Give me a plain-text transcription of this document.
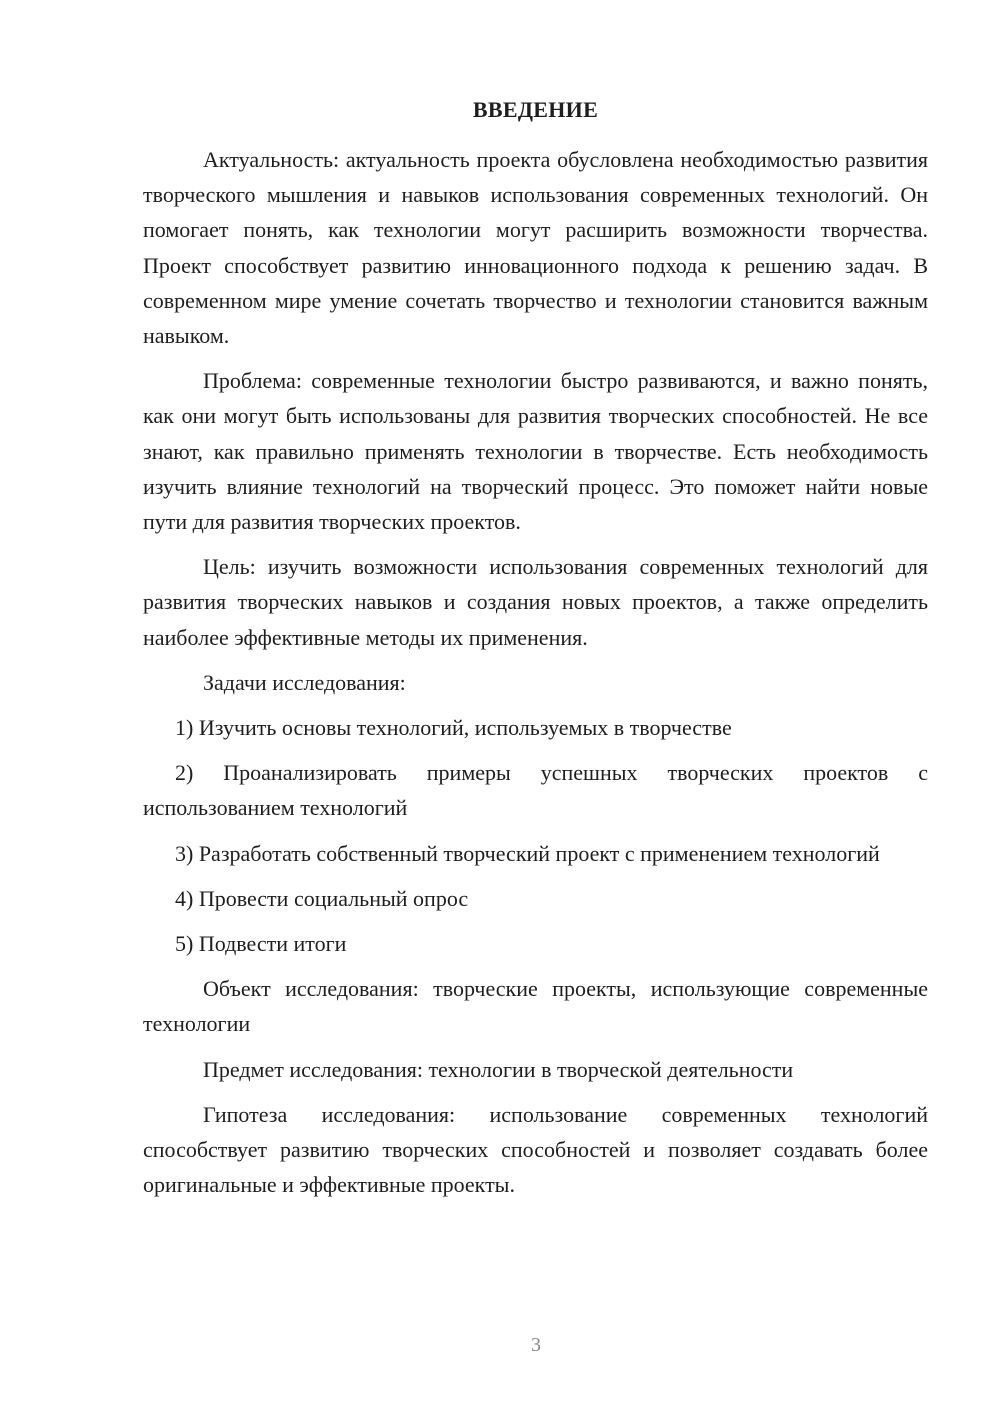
ВВЕДЕНИЕ

Актуальность: актуальность проекта обусловлена необходимостью развития творческого мышления и навыков использования современных технологий. Он помогает понять, как технологии могут расширить возможности творчества. Проект способствует развитию инновационного подхода к решению задач. В современном мире умение сочетать творчество и технологии становится важным навыком.

Проблема: современные технологии быстро развиваются, и важно понять, как они могут быть использованы для развития творческих способностей. Не все знают, как правильно применять технологии в творчестве. Есть необходимость изучить влияние технологий на творческий процесс. Это поможет найти новые пути для развития творческих проектов.

Цель: изучить возможности использования современных технологий для развития творческих навыков и создания новых проектов, а также определить наиболее эффективные методы их применения.

Задачи исследования:

1) Изучить основы технологий, используемых в творчестве

2) Проанализировать примеры успешных творческих проектов с использованием технологий

3) Разработать собственный творческий проект с применением технологий

4) Провести социальный опрос

5) Подвести итоги

Объект исследования: творческие проекты, использующие современные технологии

Предмет исследования: технологии в творческой деятельности

Гипотеза исследования: использование современных технологий способствует развитию творческих способностей и позволяет создавать более оригинальные и эффективные проекты.

3
